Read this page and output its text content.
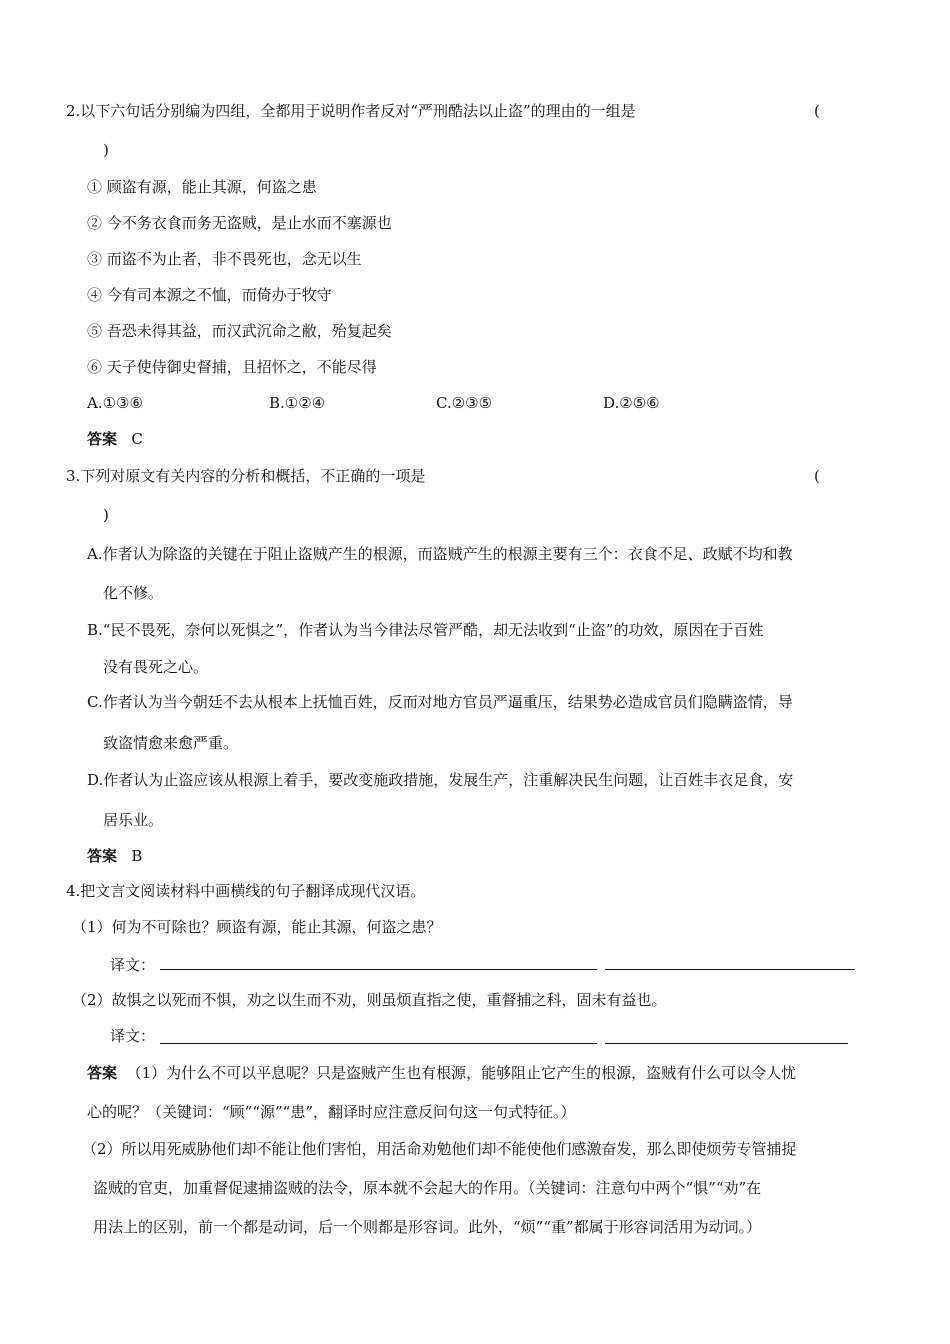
2.以下六句话分别编为四组，全都用于说明作者反对“严刑酷法以止盗”的理由的一组是	(
)
① 顾盗有源，能止其源，何盗之患
② 今不务衣食而务无盗贼，是止水而不塞源也
③ 而盗不为止者，非不畏死也，念无以生
④ 今有司本源之不恤，而倚办于牧守
⑤ 吾恐未得其益，而汉武沉命之敝，殆复起矣
⑥ 天子使侍御史督捕，且招怀之，不能尽得
A.①③⑥	B.①②④	C.②③⑤	D.②⑤⑥
答案 C
3.下列对原文有关内容的分析和概括，不正确的一项是	(
)
A.作者认为除盗的关键在于阻止盗贼产生的根源，而盗贼产生的根源主要有三个：衣食不足、政赋不均和教
化不修。
B.“民不畏死，奈何以死惧之”，作者认为当今律法尽管严酷，却无法收到“止盗”的功效，原因在于百姓
没有畏死之心。
C.作者认为当今朝廷不去从根本上抚恤百姓，反而对地方官员严逼重压，结果势必造成官员们隐瞒盗情，导
致盗情愈来愈严重。
D.作者认为止盗应该从根源上着手，要改变施政措施，发展生产，注重解决民生问题，让百姓丰衣足食，安
居乐业。
答案 B
4.把文言文阅读材料中画横线的句子翻译成现代汉语。
（1）何为不可除也？顾盗有源，能止其源，何盗之患？
译文：
（2）故惧之以死而不惧，劝之以生而不劝，则虽烦直指之使，重督捕之科，固未有益也。
译文：
答案 （1）为什么不可以平息呢？只是盗贼产生也有根源，能够阻止它产生的根源，盗贼有什么可以令人忧
心的呢？（关键词：“顾”“源”“患”，翻译时应注意反问句这一句式特征。）
（2）所以用死威胁他们却不能让他们害怕，用活命劝勉他们却不能使他们感激奋发，那么即使烦劳专管捕捉
盗贼的官吏，加重督促逮捕盗贼的法令，原本就不会起大的作用。（关键词：注意句中两个“惧”“劝”在
用法上的区别，前一个都是动词，后一个则都是形容词。此外，“烦”“重”都属于形容词活用为动词。）
